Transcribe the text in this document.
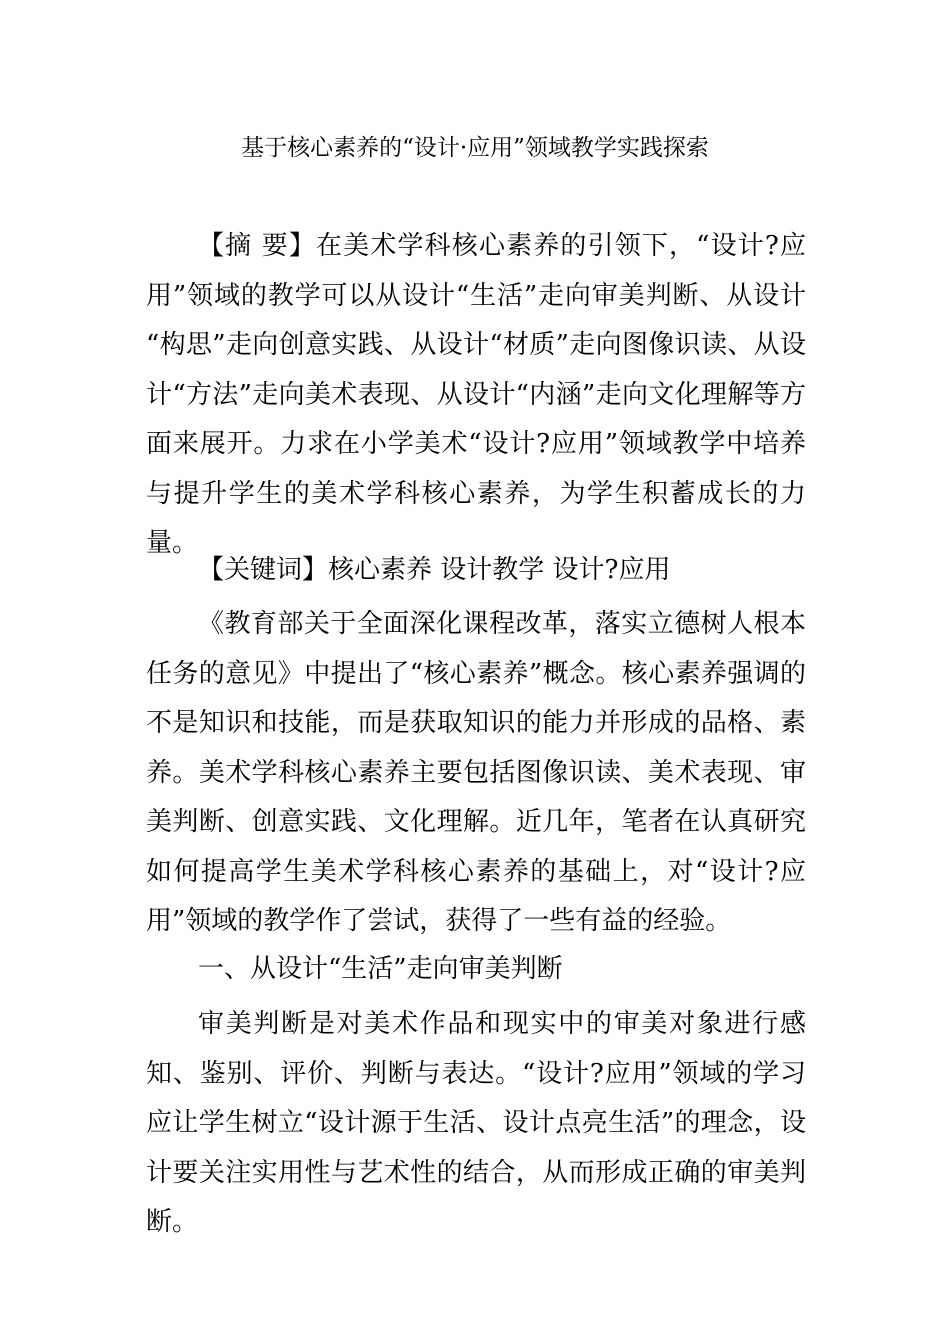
基于核心素养的“设计·应用”领域教学实践探索

【摘 要】在美术学科核心素养的引领下，“设计?应用”领域的教学可以从设计“生活”走向审美判断、从设计 “构思”走向创意实践、从设计“材质”走向图像识读、从设计“方法”走向美术表现、从设计“内涵”走向文化理解等方面来展开。力求在小学美术“设计?应用”领域教学中培养与提升学生的美术学科核心素养，为学生积蓄成长的力量。

【关键词】核心素养 设计教学 设计?应用

《教育部关于全面深化课程改革，落实立德树人根本任务的意见》中提出了“核心素养”概念。核心素养强调的不是知识和技能，而是获取知识的能力并形成的品格、素养。美术学科核心素养主要包括图像识读、美术表现、审美判断、创意实践、文化理解。近几年，笔者在认真研究如何提高学生美术学科核心素养的基础上，对“设计?应用”领域的教学作了尝试，获得了一些有益的经验。

一、从设计“生活”走向审美判断

审美判断是对美术作品和现实中的审美对象进行感知、鉴别、评价、判断与表达。“设计?应用”领域的学习应让学生树立“设计源于生活、设计点亮生活”的理念，设计要关注实用性与艺术性的结合，从而形成正确的审美判断。
